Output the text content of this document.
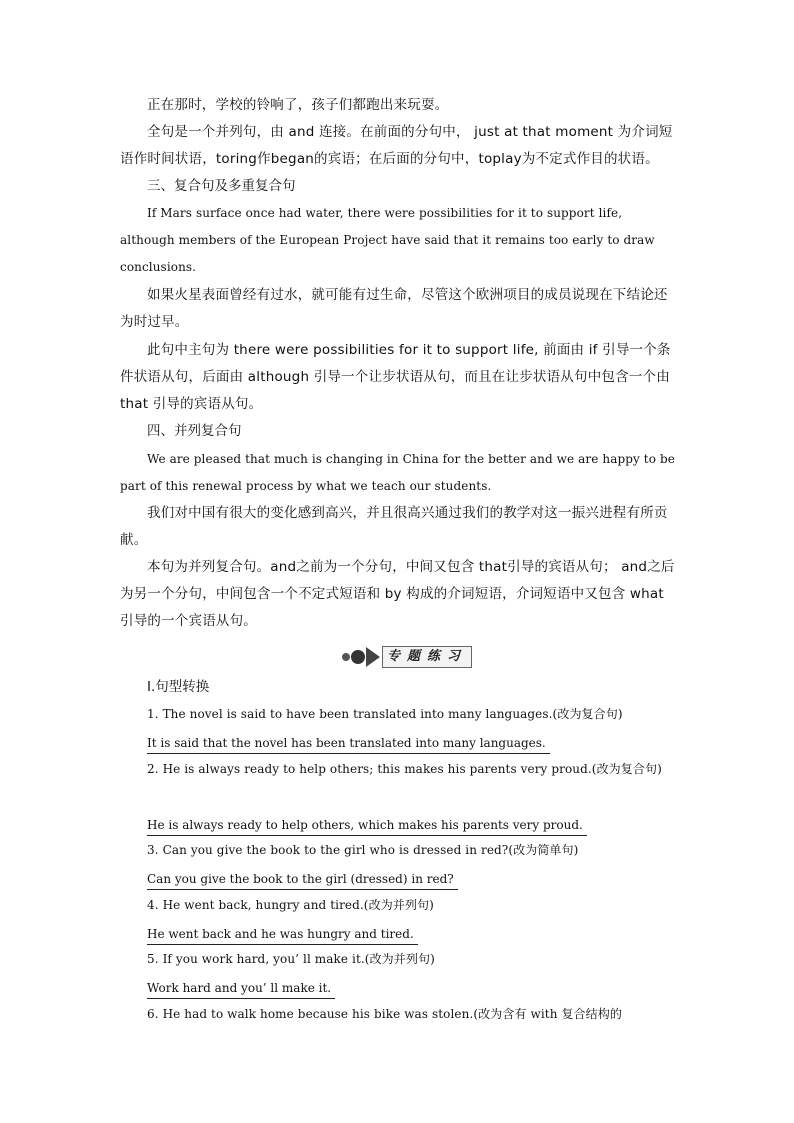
正在那时，学校的铃响了，孩子们都跑出来玩耍。
全句是一个并列句，由 and 连接。在前面的分句中， just at that moment 为介词短语作时间状语，toring作began的宾语；在后面的分句中，toplay为不定式作目的状语。
三、复合句及多重复合句
If Mars surface once had water, there were possibilities for it to support life, although members of the European Project have said that it remains too early to draw conclusions.
如果火星表面曾经有过水，就可能有过生命，尽管这个欧洲项目的成员说现在下结论还为时过早。
此句中主句为 there were possibilities for it to support life, 前面由 if 引导一个条件状语从句，后面由 although 引导一个让步状语从句，而且在让步状语从句中包含一个由 that 引导的宾语从句。
四、并列复合句
We are pleased that much is changing in China for the better and we are happy to be part of this renewal process by what we teach our students.
我们对中国有很大的变化感到高兴，并且很高兴通过我们的教学对这一振兴进程有所贡献。
本句为并列复合句。and之前为一个分句，中间又包含 that引导的宾语从句； and之后为另一个分句，中间包含一个不定式短语和 by 构成的介词短语，介词短语中又包含 what 引导的一个宾语从句。
专题练习
Ⅰ.句型转换
1. The novel is said to have been translated into many languages.(改为复合句)
It is said that the novel has been translated into many languages.
2. He is always ready to help others; this makes his parents very proud.(改为复合句)
He is always ready to help others, which makes his parents very proud.
3. Can you give the book to the girl who is dressed in red?(改为简单句)
Can you give the book to the girl (dressed) in red?
4. He went back, hungry and tired.(改为并列句)
He went back and he was hungry and tired.
5. If you work hard, you’ ll make it.(改为并列句)
Work hard and you’ ll make it.
6. He had to walk home because his bike was stolen.(改为含有 with 复合结构的
